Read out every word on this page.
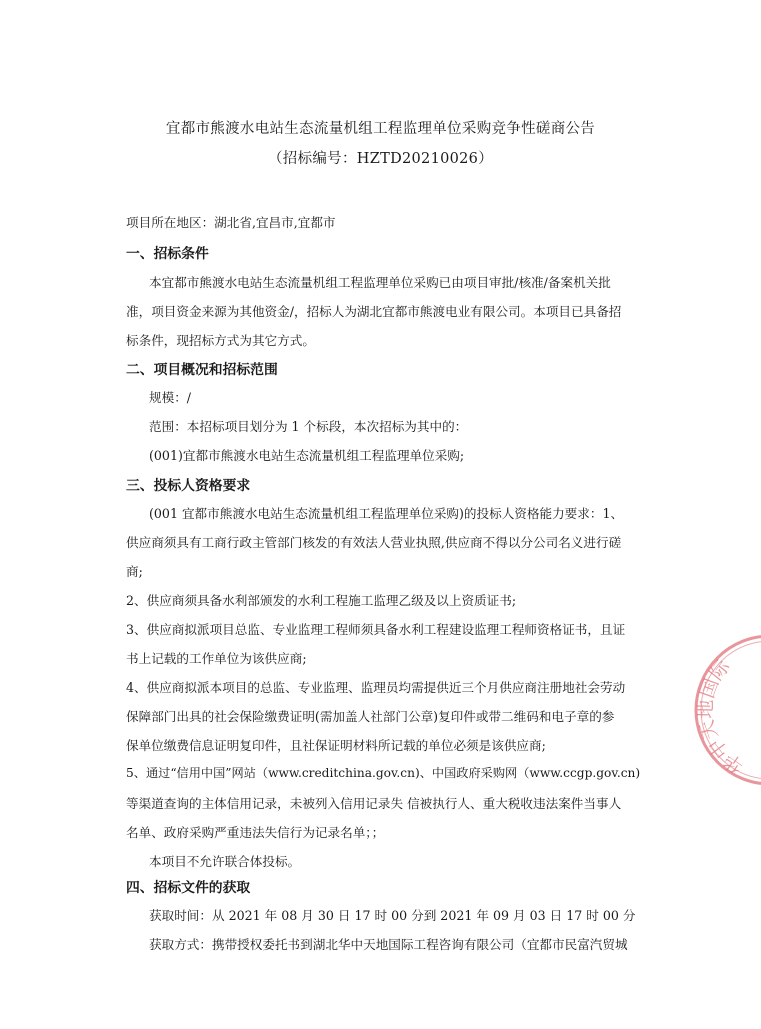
宜都市熊渡水电站生态流量机组工程监理单位采购竞争性磋商公告
（招标编号：HZTD20210026）
项目所在地区：湖北省,宜昌市,宜都市
一、招标条件
本宜都市熊渡水电站生态流量机组工程监理单位采购已由项目审批/核准/备案机关批
准，项目资金来源为其他资金/，招标人为湖北宜都市熊渡电业有限公司。本项目已具备招
标条件，现招标方式为其它方式。
二、项目概况和招标范围
规模：/
范围：本招标项目划分为 1 个标段，本次招标为其中的：
(001)宜都市熊渡水电站生态流量机组工程监理单位采购;
三、投标人资格要求
(001 宜都市熊渡水电站生态流量机组工程监理单位采购)的投标人资格能力要求：1、
供应商须具有工商行政主管部门核发的有效法人营业执照,供应商不得以分公司名义进行磋
商;
2、供应商须具备水利部颁发的水利工程施工监理乙级及以上资质证书;
3、供应商拟派项目总监、专业监理工程师须具备水利工程建设监理工程师资格证书，且证
书上记载的工作单位为该供应商;
4、供应商拟派本项目的总监、专业监理、监理员均需提供近三个月供应商注册地社会劳动
保障部门出具的社会保险缴费证明(需加盖人社部门公章)复印件或带二维码和电子章的参
保单位缴费信息证明复印件，且社保证明材料所记载的单位必须是该供应商;
5、通过“信用中国”网站（www.creditchina.gov.cn)、中国政府采购网（www.ccgp.gov.cn)
等渠道查询的主体信用记录，未被列入信用记录失 信被执行人、重大税收违法案件当事人
名单、政府采购严重违法失信行为记录名单；；
本项目不允许联合体投标。
四、招标文件的获取
获取时间：从 2021 年 08 月 30 日 17 时 00 分到 2021 年 09 月 03 日 17 时 00 分
获取方式：携带授权委托书到湖北华中天地国际工程咨询有限公司（宜都市民富汽贸城
华中天地国际
